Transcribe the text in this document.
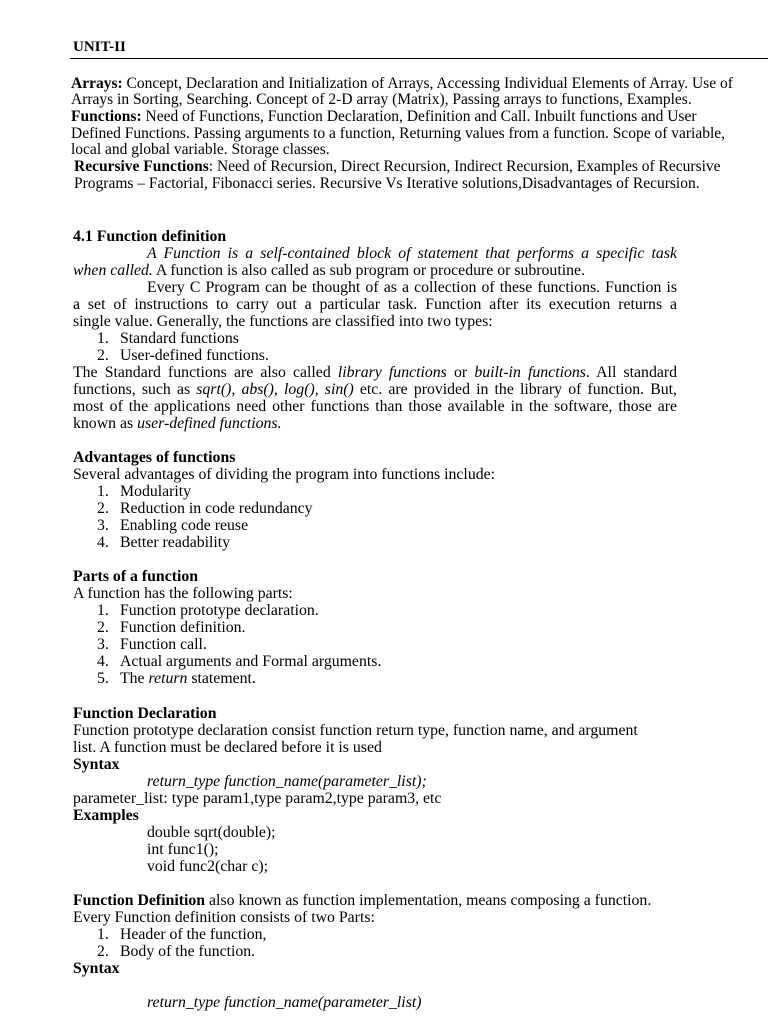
UNIT-II
Arrays: Concept, Declaration and Initialization of Arrays, Accessing Individual Elements of Array. Use of
Arrays in Sorting, Searching. Concept of 2-D array (Matrix), Passing arrays to functions, Examples.
Functions: Need of Functions, Function Declaration, Definition and Call. Inbuilt functions and User
Defined Functions. Passing arguments to a function, Returning values from a function. Scope of variable,
local and global variable. Storage classes.
Recursive Functions: Need of Recursion, Direct Recursion, Indirect Recursion, Examples of Recursive
Programs – Factorial, Fibonacci series. Recursive Vs Iterative solutions,Disadvantages of Recursion.
4.1 Function definition
A Function is a self-contained block of statement that performs a specific task
when called. A function is also called as sub program or procedure or subroutine.
Every C Program can be thought of as a collection of these functions. Function is
a set of instructions to carry out a particular task. Function after its execution returns a
single value. Generally, the functions are classified into two types:
1. Standard functions
2. User-defined functions.
The Standard functions are also called library functions or built-in functions. All standard
functions, such as sqrt(), abs(), log(), sin() etc. are provided in the library of function. But,
most of the applications need other functions than those available in the software, those are
known as user-defined functions.
Advantages of functions
Several advantages of dividing the program into functions include:
1. Modularity
2. Reduction in code redundancy
3. Enabling code reuse
4. Better readability
Parts of a function
A function has the following parts:
1. Function prototype declaration.
2. Function definition.
3. Function call.
4. Actual arguments and Formal arguments.
5. The return statement.
Function Declaration
Function prototype declaration consist function return type, function name, and argument
list. A function must be declared before it is used
Syntax
return_type function_name(parameter_list);
parameter_list: type param1,type param2,type param3, etc
Examples
double sqrt(double);
int func1();
void func2(char c);
Function Definition also known as function implementation, means composing a function.
Every Function definition consists of two Parts:
1. Header of the function,
2. Body of the function.
Syntax
return_type function_name(parameter_list)
